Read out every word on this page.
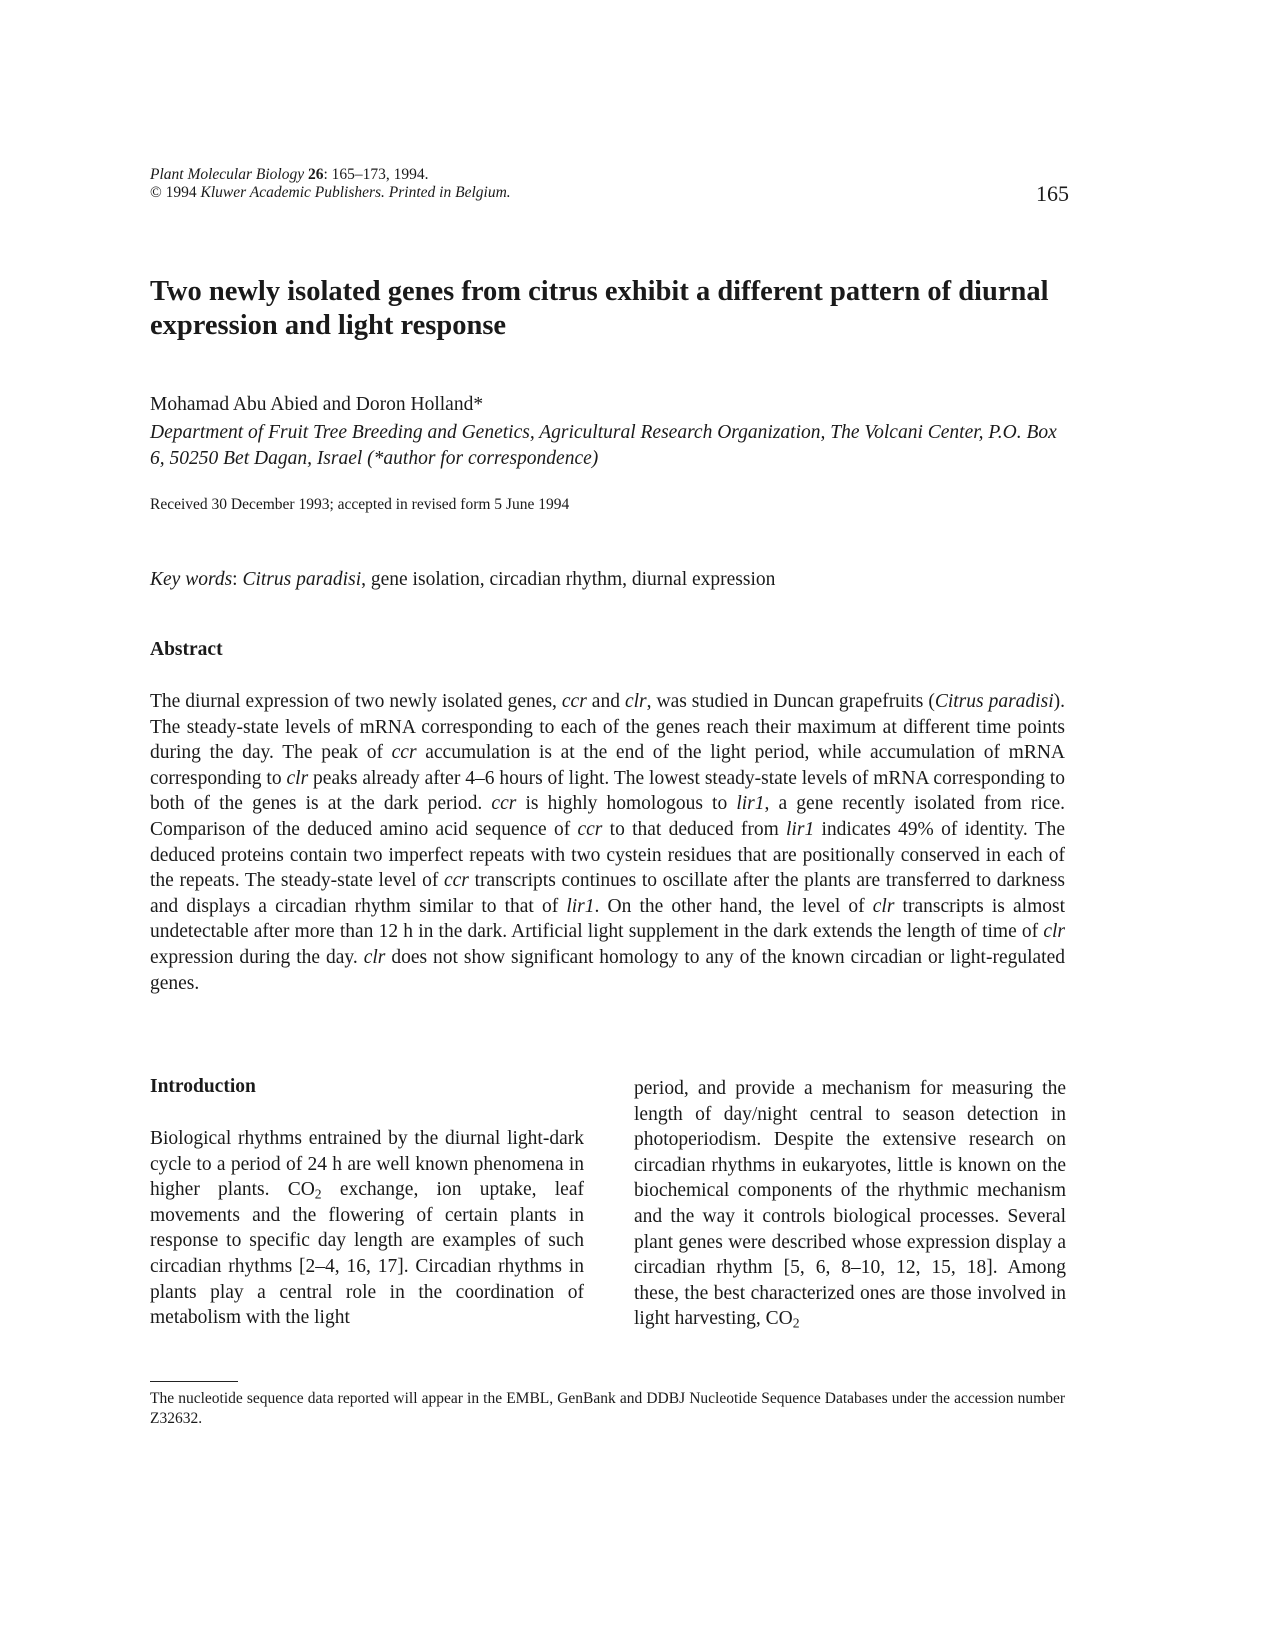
Plant Molecular Biology 26: 165–173, 1994.
© 1994 Kluwer Academic Publishers. Printed in Belgium.	165
Two newly isolated genes from citrus exhibit a different pattern of diurnal expression and light response
Mohamad Abu Abied and Doron Holland*
Department of Fruit Tree Breeding and Genetics, Agricultural Research Organization, The Volcani Center, P.O. Box 6, 50250 Bet Dagan, Israel (*author for correspondence)
Received 30 December 1993; accepted in revised form 5 June 1994
Key words: Citrus paradisi, gene isolation, circadian rhythm, diurnal expression
Abstract

The diurnal expression of two newly isolated genes, ccr and clr, was studied in Duncan grapefruits (Citrus paradisi). The steady-state levels of mRNA corresponding to each of the genes reach their maximum at different time points during the day. The peak of ccr accumulation is at the end of the light period, while accumulation of mRNA corresponding to clr peaks already after 4–6 hours of light. The lowest steady-state levels of mRNA corresponding to both of the genes is at the dark period. ccr is highly homologous to lir1, a gene recently isolated from rice. Comparison of the deduced amino acid sequence of ccr to that deduced from lir1 indicates 49% of identity. The deduced proteins contain two imperfect repeats with two cystein residues that are positionally conserved in each of the repeats. The steady-state level of ccr transcripts continues to oscillate after the plants are transferred to darkness and displays a circadian rhythm similar to that of lir1. On the other hand, the level of clr transcripts is almost undetectable after more than 12 h in the dark. Artificial light supplement in the dark extends the length of time of clr expression during the day. clr does not show significant homology to any of the known circadian or light-regulated genes.

Introduction

Biological rhythms entrained by the diurnal light-dark cycle to a period of 24 h are well known phenomena in higher plants. $CO_2$ exchange, ion uptake, leaf movements and the flowering of certain plants in response to specific day length are examples of such circadian rhythms [2–4, 16, 17]. Circadian rhythms in plants play a central role in the coordination of metabolism with the light

period, and provide a mechanism for measuring the length of day/night central to season detection in photoperiodism. Despite the extensive research on circadian rhythms in eukaryotes, little is known on the biochemical components of the rhythmic mechanism and the way it controls biological processes. Several plant genes were described whose expression display a circadian rhythm [5, 6, 8–10, 12, 15, 18]. Among these, the best characterized ones are those involved in light harvesting, $CO_2$

The nucleotide sequence data reported will appear in the EMBL, GenBank and DDBJ Nucleotide Sequence Databases under the accession number Z32632.
